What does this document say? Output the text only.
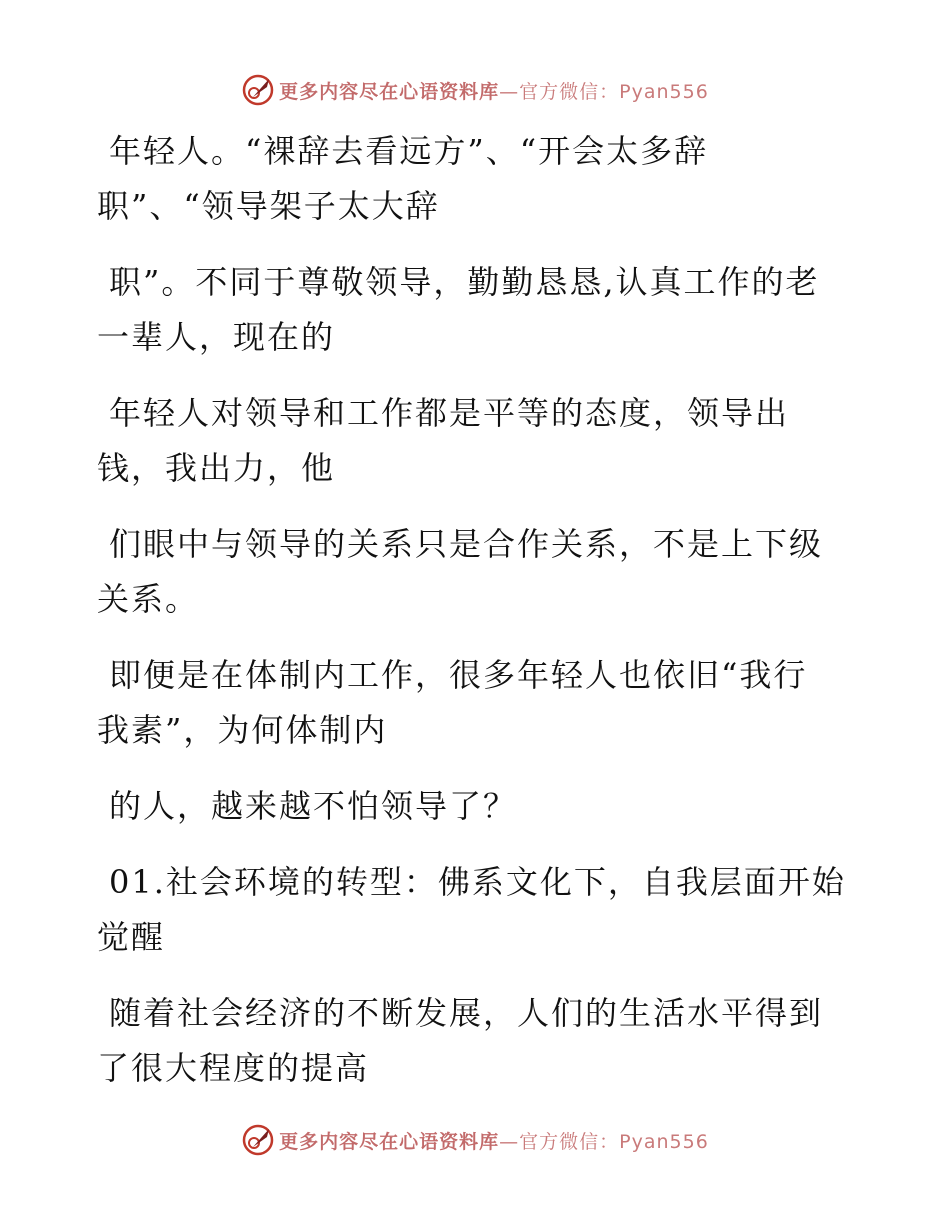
更多内容尽在心语资料库—官方微信：Pyan556
年轻人。“裸辞去看远方”、“开会太多辞
职”、“领导架子太大辞
职”。不同于尊敬领导，勤勤恳恳,认真工作的老
一辈人，现在的
年轻人对领导和工作都是平等的态度，领导出
钱，我出力，他
们眼中与领导的关系只是合作关系，不是上下级
关系。
即便是在体制内工作，很多年轻人也依旧“我行
我素”，为何体制内
的人，越来越不怕领导了？
01.社会环境的转型：佛系文化下，自我层面开始
觉醒
随着社会经济的不断发展，人们的生活水平得到
了很大程度的提高
更多内容尽在心语资料库—官方微信：Pyan556
